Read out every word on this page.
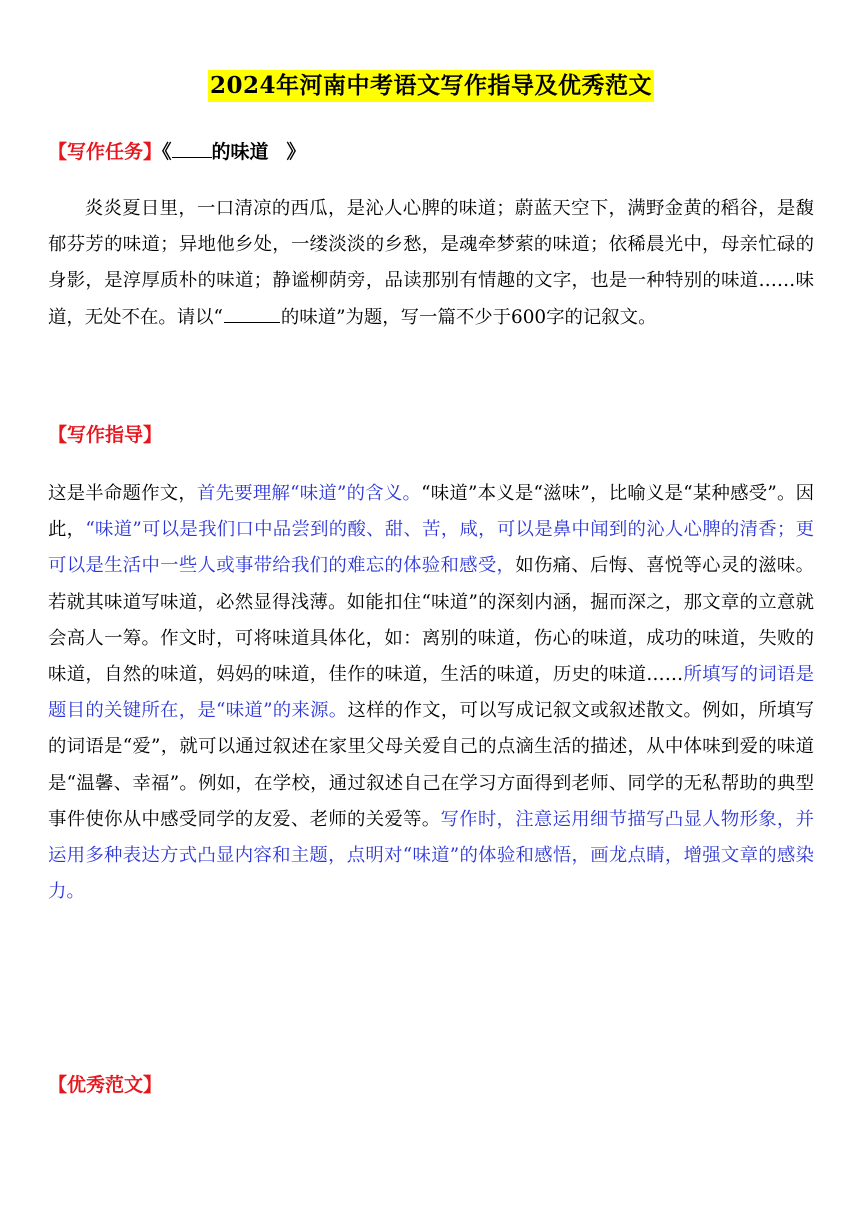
2024年河南中考语文写作指导及优秀范文
【写作任务】《 的味道 》
炎炎夏日里，一口清凉的西瓜，是沁人心脾的味道；蔚蓝天空下，满野金黄的稻谷，是馥郁芬芳的味道；异地他乡处，一缕淡淡的乡愁，是魂牵梦萦的味道；依稀晨光中，母亲忙碌的身影，是淳厚质朴的味道；静谧柳荫旁，品读那别有情趣的文字，也是一种特别的味道……味道，无处不在。请以“	的味道”为题，写一篇不少于600字的记叙文。
【写作指导】
这是半命题作文，首先要理解“味道”的含义。“味道”本义是“滋味”，比喻义是“某种感受”。因此，“味道”可以是我们口中品尝到的酸、甜、苦，咸，可以是鼻中闻到的沁人心脾的清香；更可以是生活中一些人或事带给我们的难忘的体验和感受，如伤痛、后悔、喜悦等心灵的滋味。若就其味道写味道，必然显得浅薄。如能扣住“味道”的深刻内涵，掘而深之，那文章的立意就会高人一筹。作文时，可将味道具体化，如：离别的味道，伤心的味道，成功的味道，失败的味道，自然的味道，妈妈的味道，佳作的味道，生活的味道，历史的味道……所填写的词语是题目的关键所在，是“味道”的来源。这样的作文，可以写成记叙文或叙述散文。例如，所填写的词语是“爱”，就可以通过叙述在家里父母关爱自己的点滴生活的描述，从中体味到爱的味道是“温馨、幸福”。例如，在学校，通过叙述自己在学习方面得到老师、同学的无私帮助的典型事件使你从中感受同学的友爱、老师的关爱等。写作时，注意运用细节描写凸显人物形象，并运用多种表达方式凸显内容和主题，点明对“味道”的体验和感悟，画龙点睛，增强文章的感染力。
【优秀范文】
